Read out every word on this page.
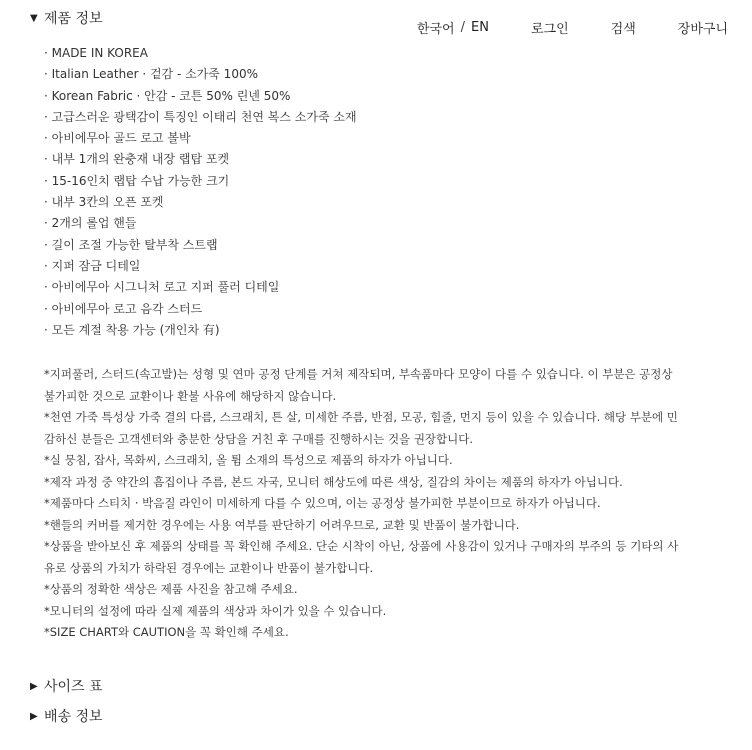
한국어 / EN	로그인	검색	장바구니
▼ 제품 정보
· MADE IN KOREA
· Italian Leather · 겉감 - 소가죽 100%
· Korean Fabric · 안감 - 코튼 50% 린넨 50%
· 고급스러운 광택감이 특징인 이태리 천연 복스 소가죽 소재
· 아비에무아 골드 로고 볼박
· 내부 1개의 완충재 내장 랩탑 포켓
· 15-16인치 랩탑 수납 가능한 크기
· 내부 3칸의 오픈 포켓
· 2개의 롤업 핸들
· 길이 조절 가능한 탈부착 스트랩
· 지퍼 잠금 디테일
· 아비에무아 시그니처 로고 지퍼 풀러 디테일
· 아비에무아 로고 음각 스터드
· 모든 계절 착용 가능 (개인차 有)

*지퍼풀러, 스터드(속고발)는 성형 및 연마 공정 단계를 거쳐 제작되며, 부속품마다 모양이 다를 수 있습니다. 이 부분은 공정상

불가피한 것으로 교환이나 환불 사유에 해당하지 않습니다.

*천연 가죽 특성상 가죽 결의 다름, 스크래치, 튼 살, 미세한 주름, 반점, 모공, 힘줄, 먼지 등이 있을 수 있습니다. 해당 부분에 민

감하신 분들은 고객센터와 충분한 상담을 거친 후 구매를 진행하시는 것을 권장합니다.

*실 뭉침, 잡사, 목화씨, 스크래치, 올 튐 소재의 특성으로 제품의 하자가 아닙니다.

*제작 과정 중 약간의 흠집이나 주름, 본드 자국, 모니터 해상도에 따른 색상, 질감의 차이는 제품의 하자가 아닙니다.

*제품마다 스티치 · 박음질 라인이 미세하게 다를 수 있으며, 이는 공정상 불가피한 부분이므로 하자가 아닙니다.

*핸들의 커버를 제거한 경우에는 사용 여부를 판단하기 어려우므로, 교환 및 반품이 불가합니다.

*상품을 받아보신 후 제품의 상태를 꼭 확인해 주세요. 단순 시착이 아닌, 상품에 사용감이 있거나 구매자의 부주의 등 기타의 사

유로 상품의 가치가 하락된 경우에는 교환이나 반품이 불가합니다.

*상품의 정확한 색상은 제품 사진을 참고해 주세요.

*모니터의 설정에 따라 실제 제품의 색상과 차이가 있을 수 있습니다.

*SIZE CHART와 CAUTION을 꼭 확인해 주세요.

▶ 사이즈 표
▶ 배송 정보
